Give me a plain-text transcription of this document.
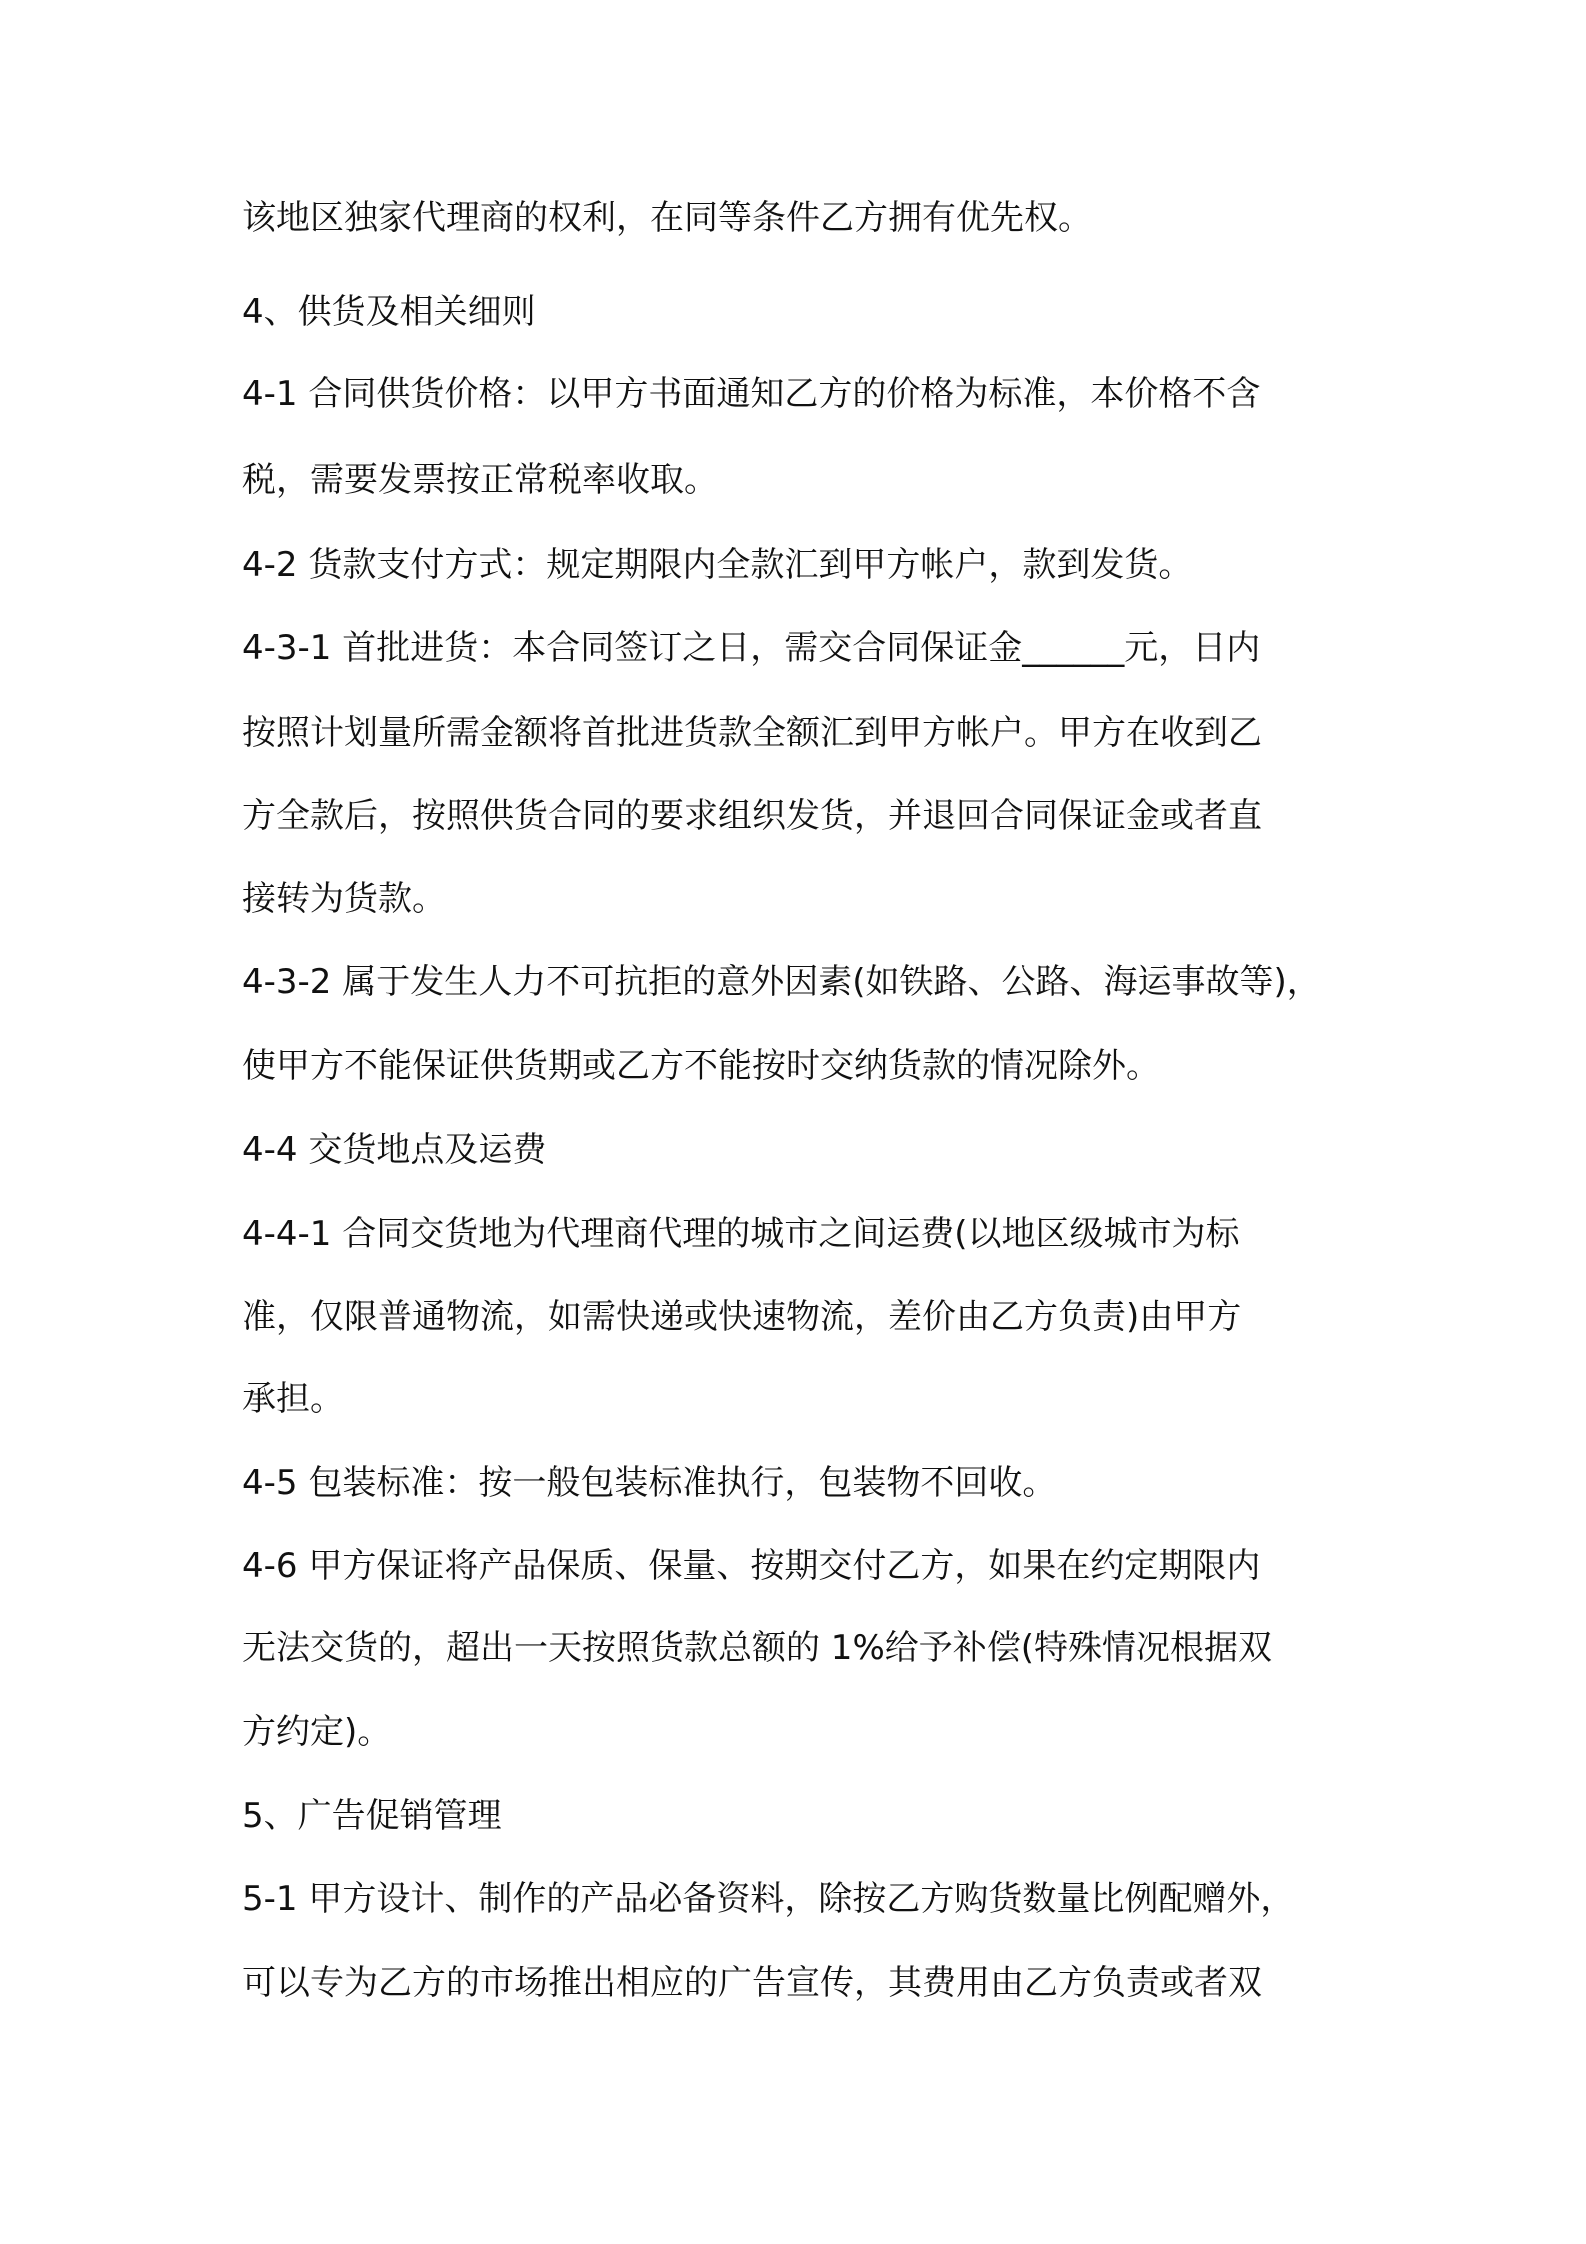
该地区独家代理商的权利，在同等条件乙方拥有优先权。
4、供货及相关细则
4-1 合同供货价格：以甲方书面通知乙方的价格为标准，本价格不含
税，需要发票按正常税率收取。
4-2 货款支付方式：规定期限内全款汇到甲方帐户，款到发货。
4-3-1 首批进货：本合同签订之日，需交合同保证金______元，日内
按照计划量所需金额将首批进货款全额汇到甲方帐户。甲方在收到乙
方全款后，按照供货合同的要求组织发货，并退回合同保证金或者直
接转为货款。
4-3-2 属于发生人力不可抗拒的意外因素(如铁路、公路、海运事故等)，
使甲方不能保证供货期或乙方不能按时交纳货款的情况除外。
4-4 交货地点及运费
4-4-1 合同交货地为代理商代理的城市之间运费(以地区级城市为标
准，仅限普通物流，如需快递或快速物流，差价由乙方负责)由甲方
承担。
4-5 包装标准：按一般包装标准执行，包装物不回收。
4-6 甲方保证将产品保质、保量、按期交付乙方，如果在约定期限内
无法交货的，超出一天按照货款总额的 1%给予补偿(特殊情况根据双
方约定)。
5、广告促销管理
5-1 甲方设计、制作的产品必备资料，除按乙方购货数量比例配赠外，
可以专为乙方的市场推出相应的广告宣传，其费用由乙方负责或者双
